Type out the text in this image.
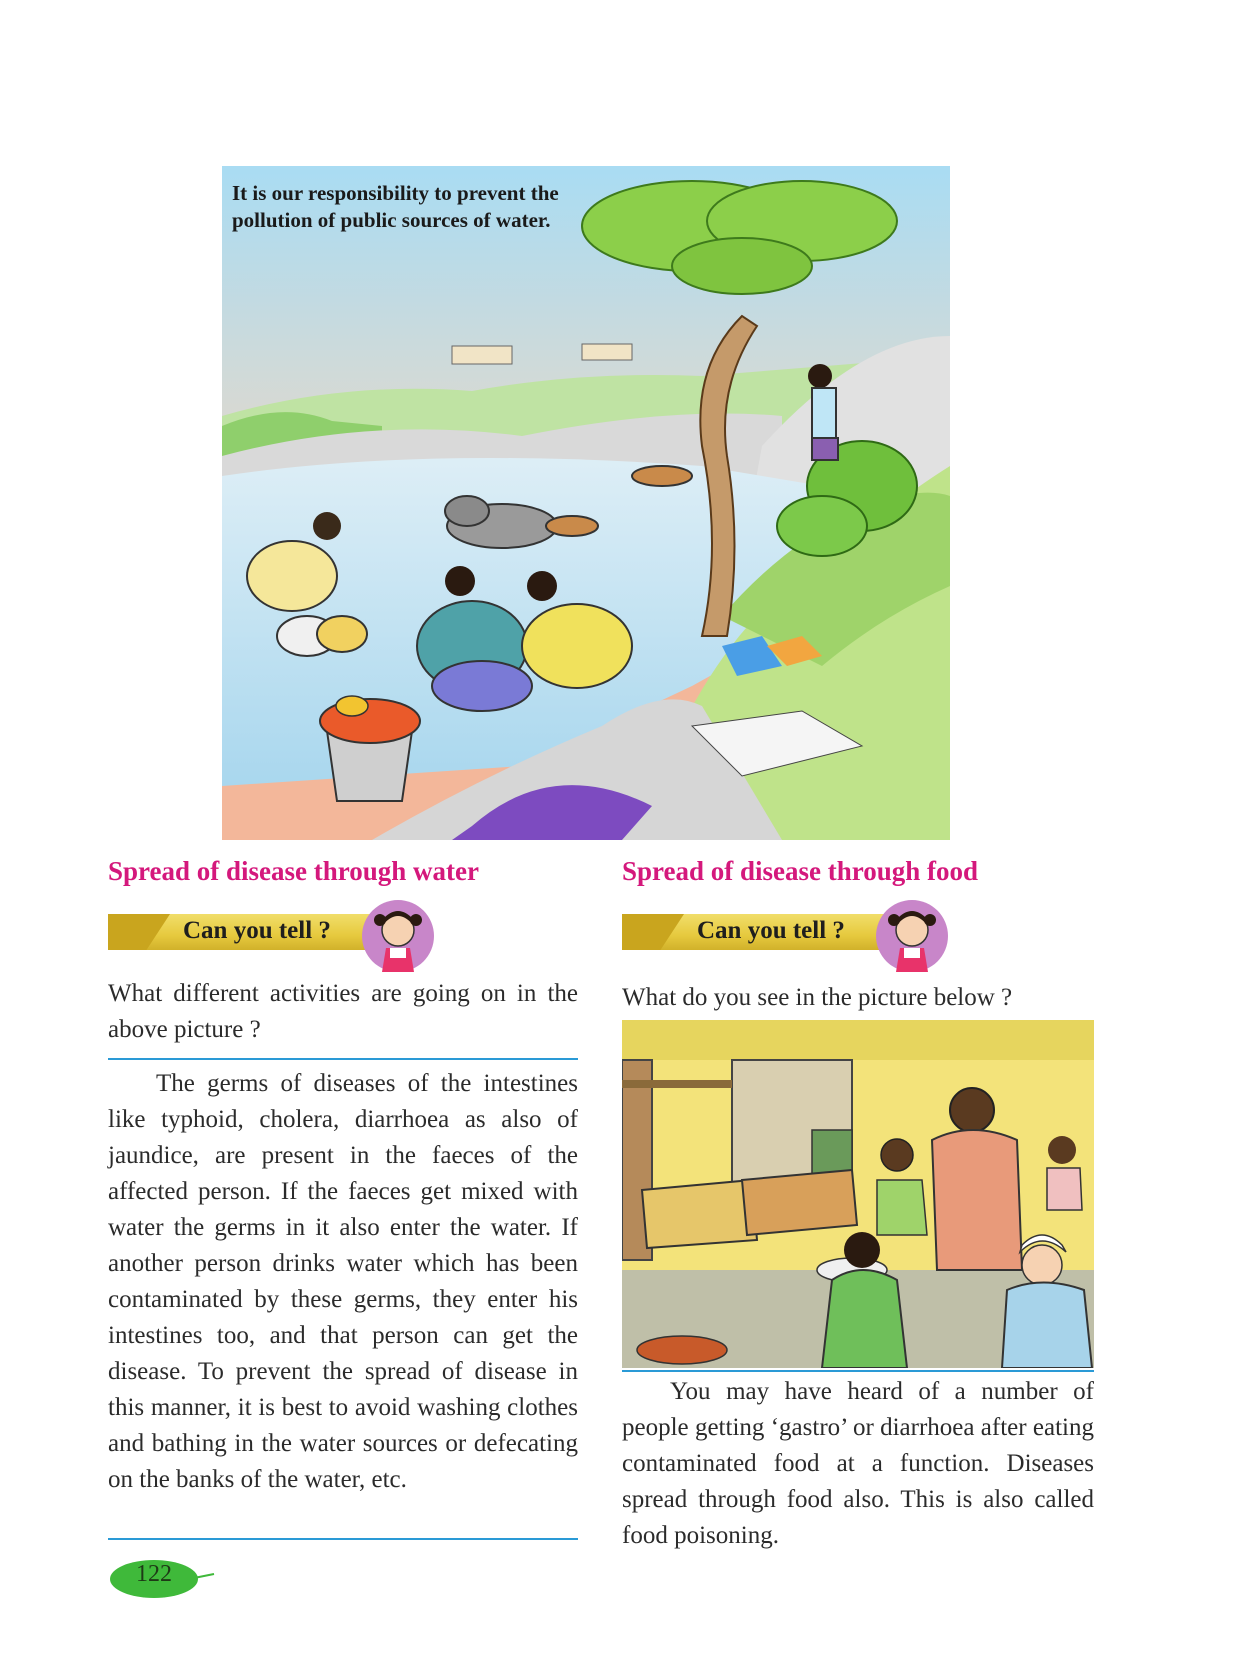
It is our responsibility to prevent the pollution of public sources of water.
Spread of disease through water
Can you tell ?
What different activities are going on in the above picture ?
The germs of diseases of the intestines like typhoid, cholera, diarrhoea as also of jaundice, are present in the faeces of the affected person. If the faeces get mixed with water the germs in it also enter the water. If another person drinks water which has been contaminated by these germs, they enter his intestines too, and that person can get the disease. To prevent the spread of disease in this manner, it is best to avoid washing clothes and bathing in the water sources or defecating on the banks of the water, etc.
Spread of disease through food
Can you tell ?
What do you see in the picture below ?
You may have heard of a number of people getting ‘gastro’ or diarrhoea after eating contaminated food at a function. Diseases spread through food also. This is also called food poisoning.
122
